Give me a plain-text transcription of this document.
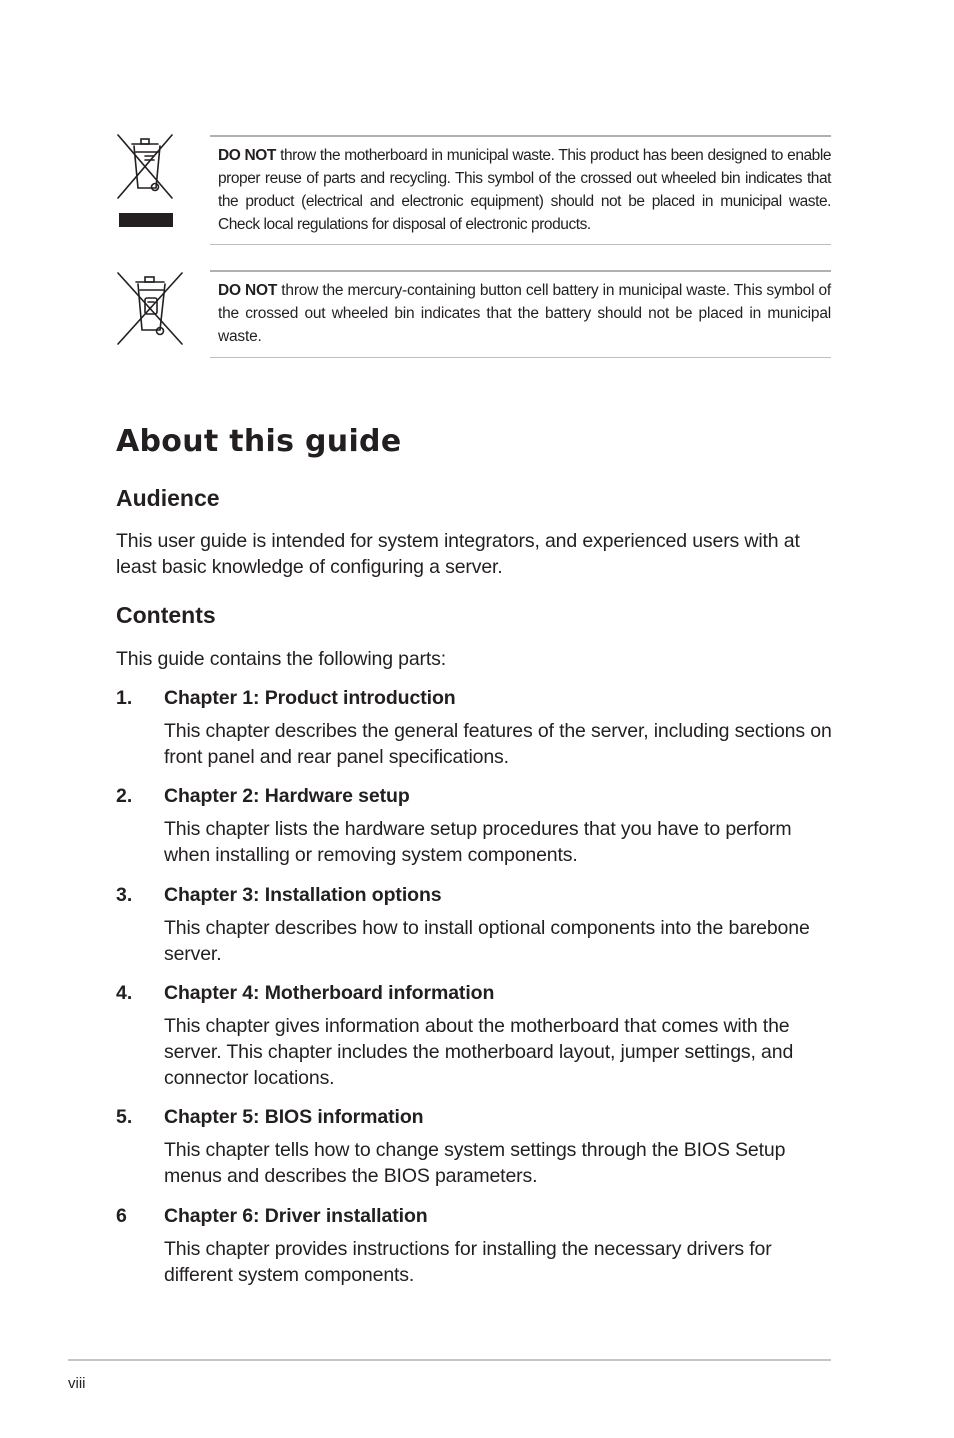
DO NOT throw the motherboard in municipal waste. This product has been designed to enable proper reuse of parts and recycling. This symbol of the crossed out wheeled bin indicates that the product (electrical and electronic equipment) should not be placed in municipal waste. Check local regulations for disposal of electronic products.
DO NOT throw the mercury-containing button cell battery in municipal waste. This symbol of the crossed out wheeled bin indicates that the battery should not be placed in municipal waste.
About this guide
Audience

This user guide is intended for system integrators, and experienced users with at least basic knowledge of configuring a server.

Contents

This guide contains the following parts:

1. Chapter 1: Product introduction
This chapter describes the general features of the server, including sections on front panel and rear panel specifications.
2. Chapter 2: Hardware setup
This chapter lists the hardware setup procedures that you have to perform when installing or removing system components.
3. Chapter 3: Installation options
This chapter describes how to install optional components into the barebone server.
4. Chapter 4: Motherboard information
This chapter gives information about the motherboard that comes with the server. This chapter includes the motherboard layout, jumper settings, and connector locations.
5. Chapter 5: BIOS information
This chapter tells how to change system settings through the BIOS Setup menus and describes the BIOS parameters.
6 Chapter 6: Driver installation
This chapter provides instructions for installing the necessary drivers for different system components.
viii
